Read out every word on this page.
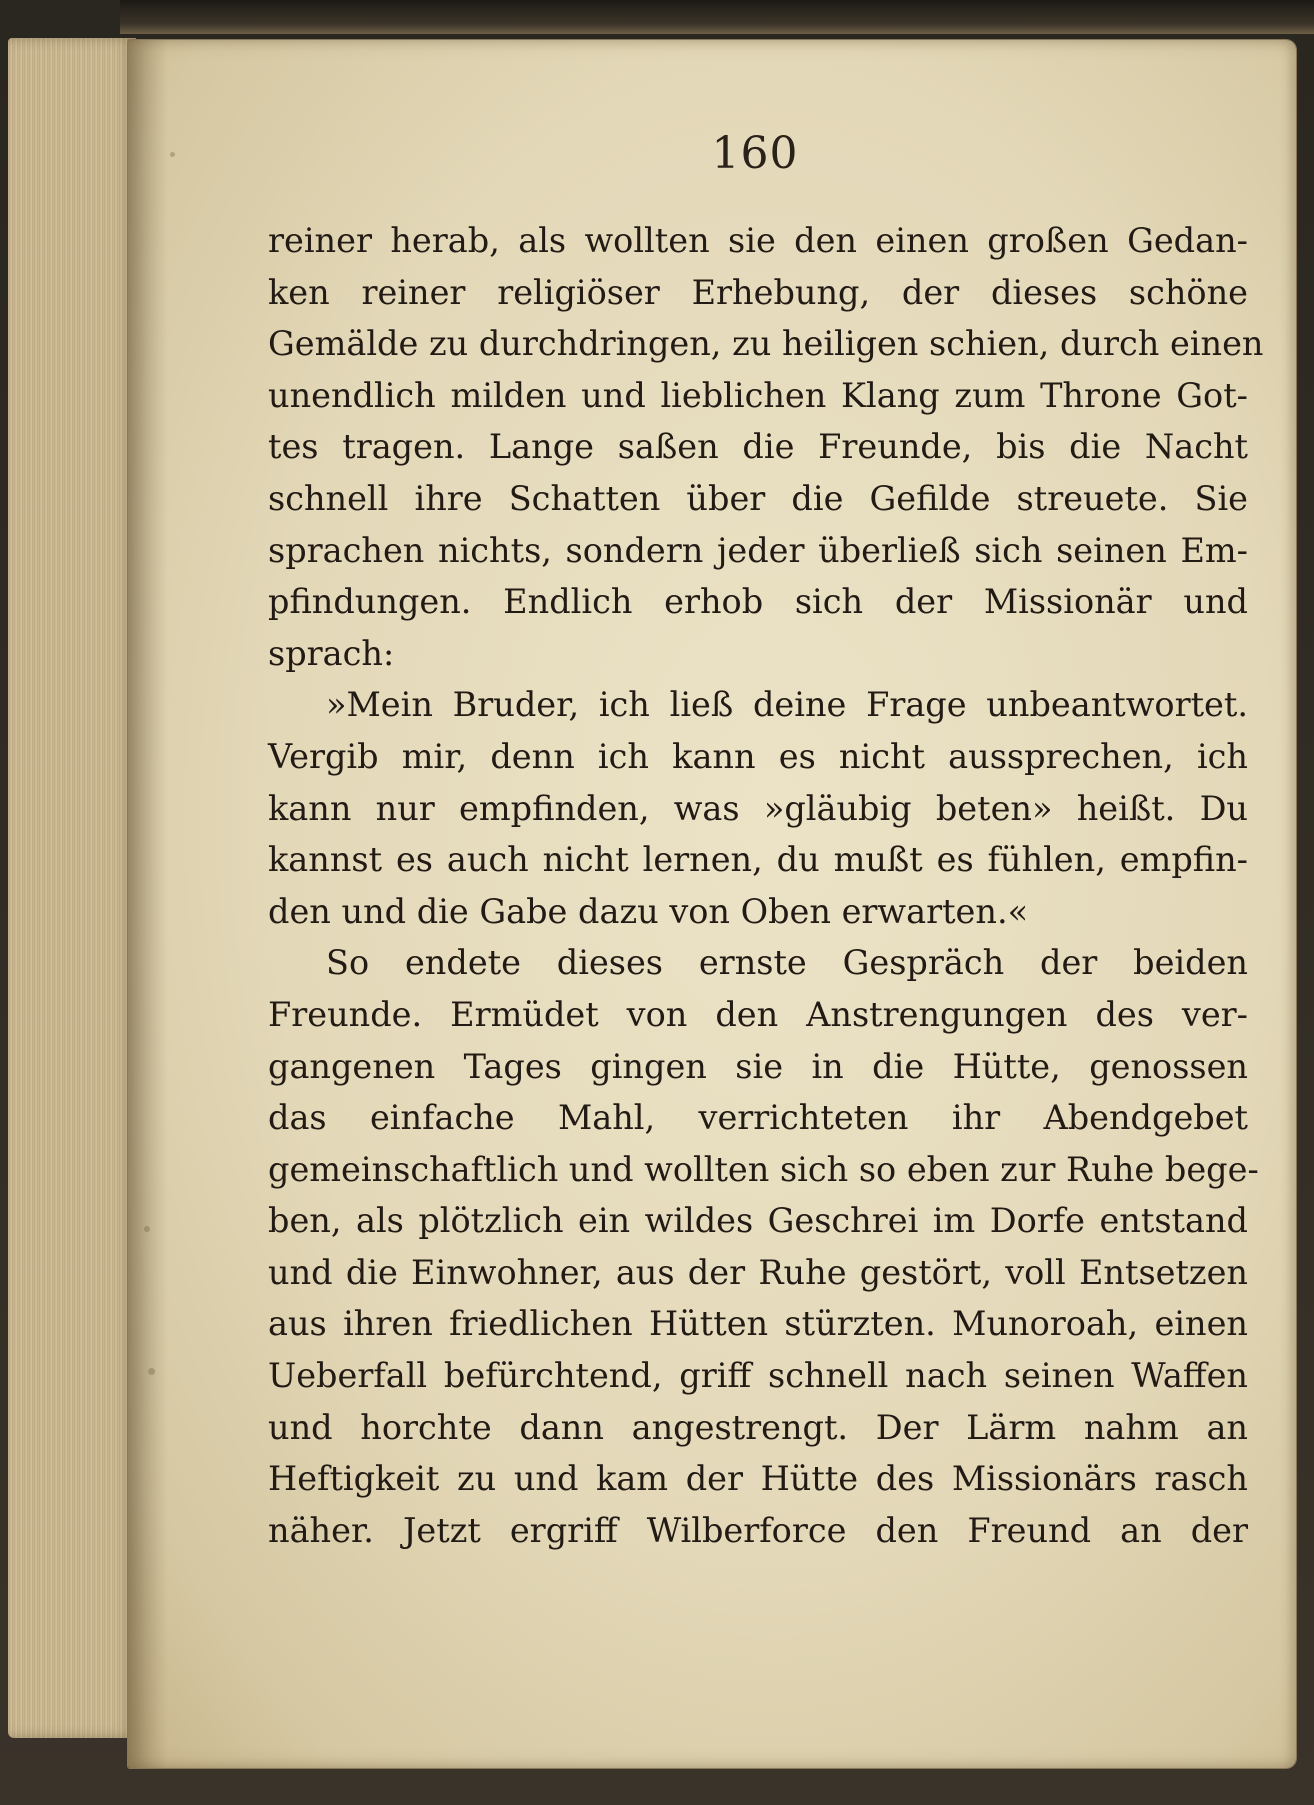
160
reiner herab, als wollten sie den einen großen Gedan-
ken reiner religiöser Erhebung, der dieses schöne
Gemälde zu durchdringen, zu heiligen schien, durch einen
unendlich milden und lieblichen Klang zum Throne Got-
tes tragen. Lange saßen die Freunde, bis die Nacht
schnell ihre Schatten über die Gefilde streuete. Sie
sprachen nichts, sondern jeder überließ sich seinen Em-
pfindungen. Endlich erhob sich der Missionär und
sprach:
»Mein Bruder, ich ließ deine Frage unbeantwortet.
Vergib mir, denn ich kann es nicht aussprechen, ich
kann nur empfinden, was »gläubig beten» heißt. Du
kannst es auch nicht lernen, du mußt es fühlen, empfin-
den und die Gabe dazu von Oben erwarten.«
So endete dieses ernste Gespräch der beiden
Freunde. Ermüdet von den Anstrengungen des ver-
gangenen Tages gingen sie in die Hütte, genossen
das einfache Mahl, verrichteten ihr Abendgebet
gemeinschaftlich und wollten sich so eben zur Ruhe bege-
ben, als plötzlich ein wildes Geschrei im Dorfe entstand
und die Einwohner, aus der Ruhe gestört, voll Entsetzen
aus ihren friedlichen Hütten stürzten. Munoroah, einen
Ueberfall befürchtend, griff schnell nach seinen Waffen
und horchte dann angestrengt. Der Lärm nahm an
Heftigkeit zu und kam der Hütte des Missionärs rasch
näher. Jetzt ergriff Wilberforce den Freund an der
